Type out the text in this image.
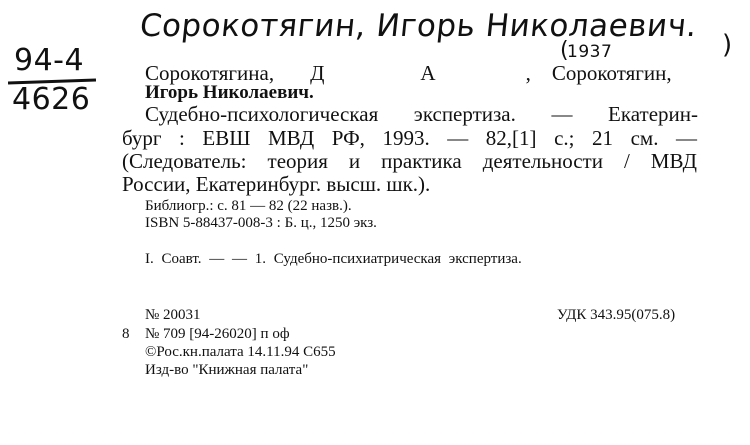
Сорокотягин, Игорь Николаевич.
(
1937	)
94-4
4626
Сорокотягина, Д	А	, Сорокотягин,
Игорь Николаевич.
Судебно-психологическая экспертиза. — Екатерин-
бург : ЕВШ МВД РФ, 1993. — 82,[1] с.; 21 см. —
(Следователь: теория и практика деятельности / МВД
России, Екатеринбург. высш. шк.).
Библиогр.: с. 81 — 82 (22 назв.).
ISBN 5-88437-008-3 : Б. ц., 1250 экз.
I. Соавт. — — 1. Судебно-психиатрическая экспертиза.
№ 20031	УДК 343.95(075.8)
8 № 709 [94-26020] п оф
©Рос.кн.палата 14.11.94 С655
Изд-во "Книжная палата"
